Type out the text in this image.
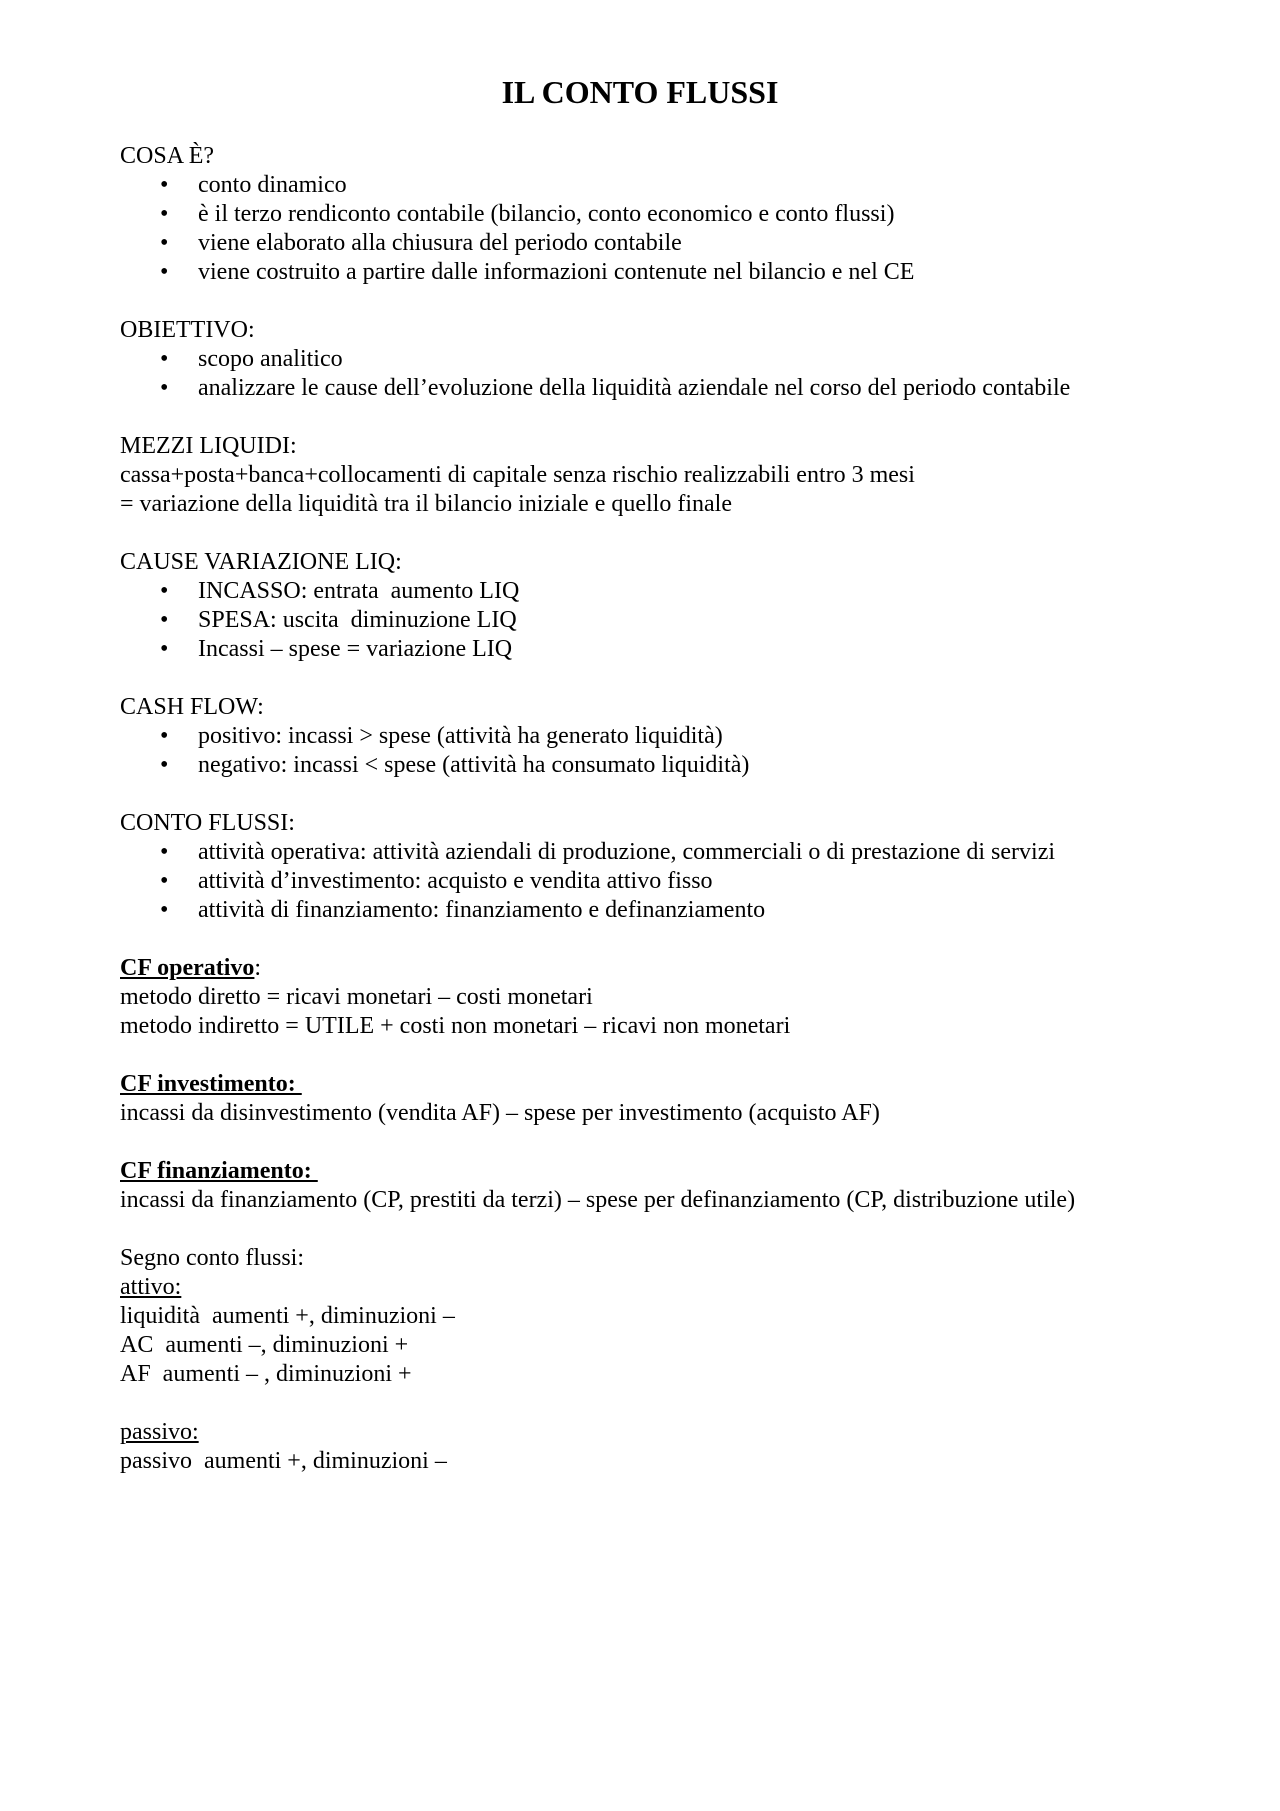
IL CONTO FLUSSI
COSA È?
• conto dinamico
• è il terzo rendiconto contabile (bilancio, conto economico e conto flussi)
• viene elaborato alla chiusura del periodo contabile
• viene costruito a partire dalle informazioni contenute nel bilancio e nel CE
OBIETTIVO:
• scopo analitico
• analizzare le cause dell’evoluzione della liquidità aziendale nel corso del periodo contabile
MEZZI LIQUIDI:
cassa+posta+banca+collocamenti di capitale senza rischio realizzabili entro 3 mesi
= variazione della liquidità tra il bilancio iniziale e quello finale
CAUSE VARIAZIONE LIQ:
• INCASSO: entrata  aumento LIQ
• SPESA: uscita  diminuzione LIQ
• Incassi – spese = variazione LIQ
CASH FLOW:
• positivo: incassi > spese (attività ha generato liquidità)
• negativo: incassi < spese (attività ha consumato liquidità)
CONTO FLUSSI:
• attività operativa: attività aziendali di produzione, commerciali o di prestazione di servizi
• attività d’investimento: acquisto e vendita attivo fisso
• attività di finanziamento: finanziamento e definanziamento
CF operativo:
metodo diretto = ricavi monetari – costi monetari
metodo indiretto = UTILE + costi non monetari – ricavi non monetari
CF investimento:
incassi da disinvestimento (vendita AF) – spese per investimento (acquisto AF)
CF finanziamento:
incassi da finanziamento (CP, prestiti da terzi) – spese per definanziamento (CP, distribuzione utile)
Segno conto flussi:
attivo:
liquidità  aumenti +, diminuzioni –
AC  aumenti –, diminuzioni +
AF  aumenti – , diminuzioni +
passivo:
passivo  aumenti +, diminuzioni –
